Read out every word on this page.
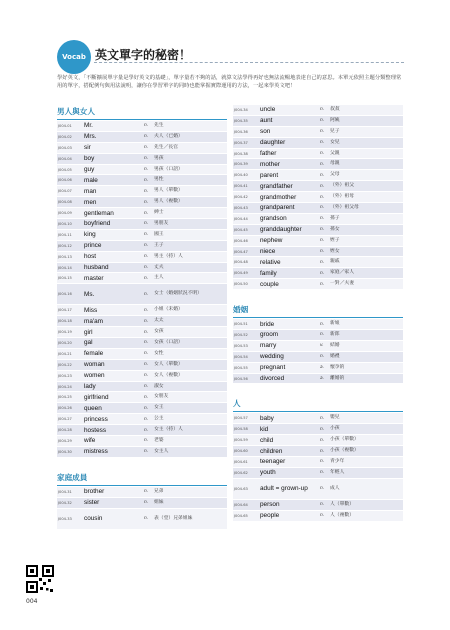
Vocab 英文單字的秘密！
學好英文，「不斷擴展單字量是學好英文的基礎」，單字量若不夠的話，就算文法學得再好也無法流暢地表達自己的意思。本單元依照主題分類整理常用的單字，搭配例句與用法說明，讓你在學習單字的同時也能掌握實際運用的方法，一起來學英文吧！
男人與女人
J004-01	Mr.	n.	先生
J004-02	Mrs.	n.	夫人（已婚）
J004-03	sir	n.	先生／長官
J004-04	boy	n.	男孩
J004-05	guy	n.	男孩（口語）
J004-06	male	n.	男性
J004-07	man	n.	男人（單數）
J004-08	men	n.	男人（複數）
J004-09	gentleman	n.	紳士
J004-10	boyfriend	n.	男朋友
J004-11	king	n.	國王
J004-12	prince	n.	王子
J004-13	host	n.	男主（持）人
J004-14	husband	n.	丈夫
J004-15	master	n.	主人
J004-16	Ms.	n.	女士（婚姻狀況不明）
J004-17	Miss	n.	小姐（未婚）
J004-18	ma'am	n.	太太
J004-19	girl	n.	女孩
J004-20	gal	n.	女孩（口語）
J004-21	female	n.	女性
J004-22	woman	n.	女人（單數）
J004-23	women	n.	女人（複數）
J004-24	lady	n.	淑女
J004-25	girlfriend	n.	女朋友
J004-26	queen	n.	女王
J004-27	princess	n.	公主
J004-28	hostess	n.	女主（持）人
J004-29	wife	n.	老婆
J004-30	mistress	n.	女主人
家庭成員
J004-31	brother	n.	兄弟
J004-32	sister	n.	姐妹
J004-33	cousin	n.	表（堂）兄弟姐妹
J004-34	uncle	n.	叔叔
J004-35	aunt	n.	阿姨
J004-36	son	n.	兒子
J004-37	daughter	n.	女兒
J004-38	father	n.	父親
J004-39	mother	n.	母親
J004-40	parent	n.	父母
J004-41	grandfather	n.	（外）祖父
J004-42	grandmother	n.	（外）祖母
J004-43	grandparent	n.	（外）祖父母
J004-44	grandson	n.	孫子
J004-45	granddaughter	n.	孫女
J004-46	nephew	n.	姪子
J004-47	niece	n.	姪女
J004-48	relative	n.	親戚
J004-49	family	n.	家庭／家人
J004-50	couple	n.	一對／夫妻
婚姻
J004-51	bride	n.	新娘
J004-52	groom	n.	新郎
J004-53	marry	v.	結婚
J004-54	wedding	n.	婚禮
J004-55	pregnant	a.	懷孕的
J004-56	divorced	a.	離婚的
人
J004-57	baby	n.	嬰兒
J004-58	kid	n.	小孩
J004-59	child	n.	小孩（單數）
J004-60	children	n.	小孩（複數）
J004-61	teenager	n.	青少年
J004-62	youth	n.	年輕人
J004-63	adult = grown-up	n.	成人
J004-64	person	n.	人（單數）
J004-65	people	n.	人（複數）
004
